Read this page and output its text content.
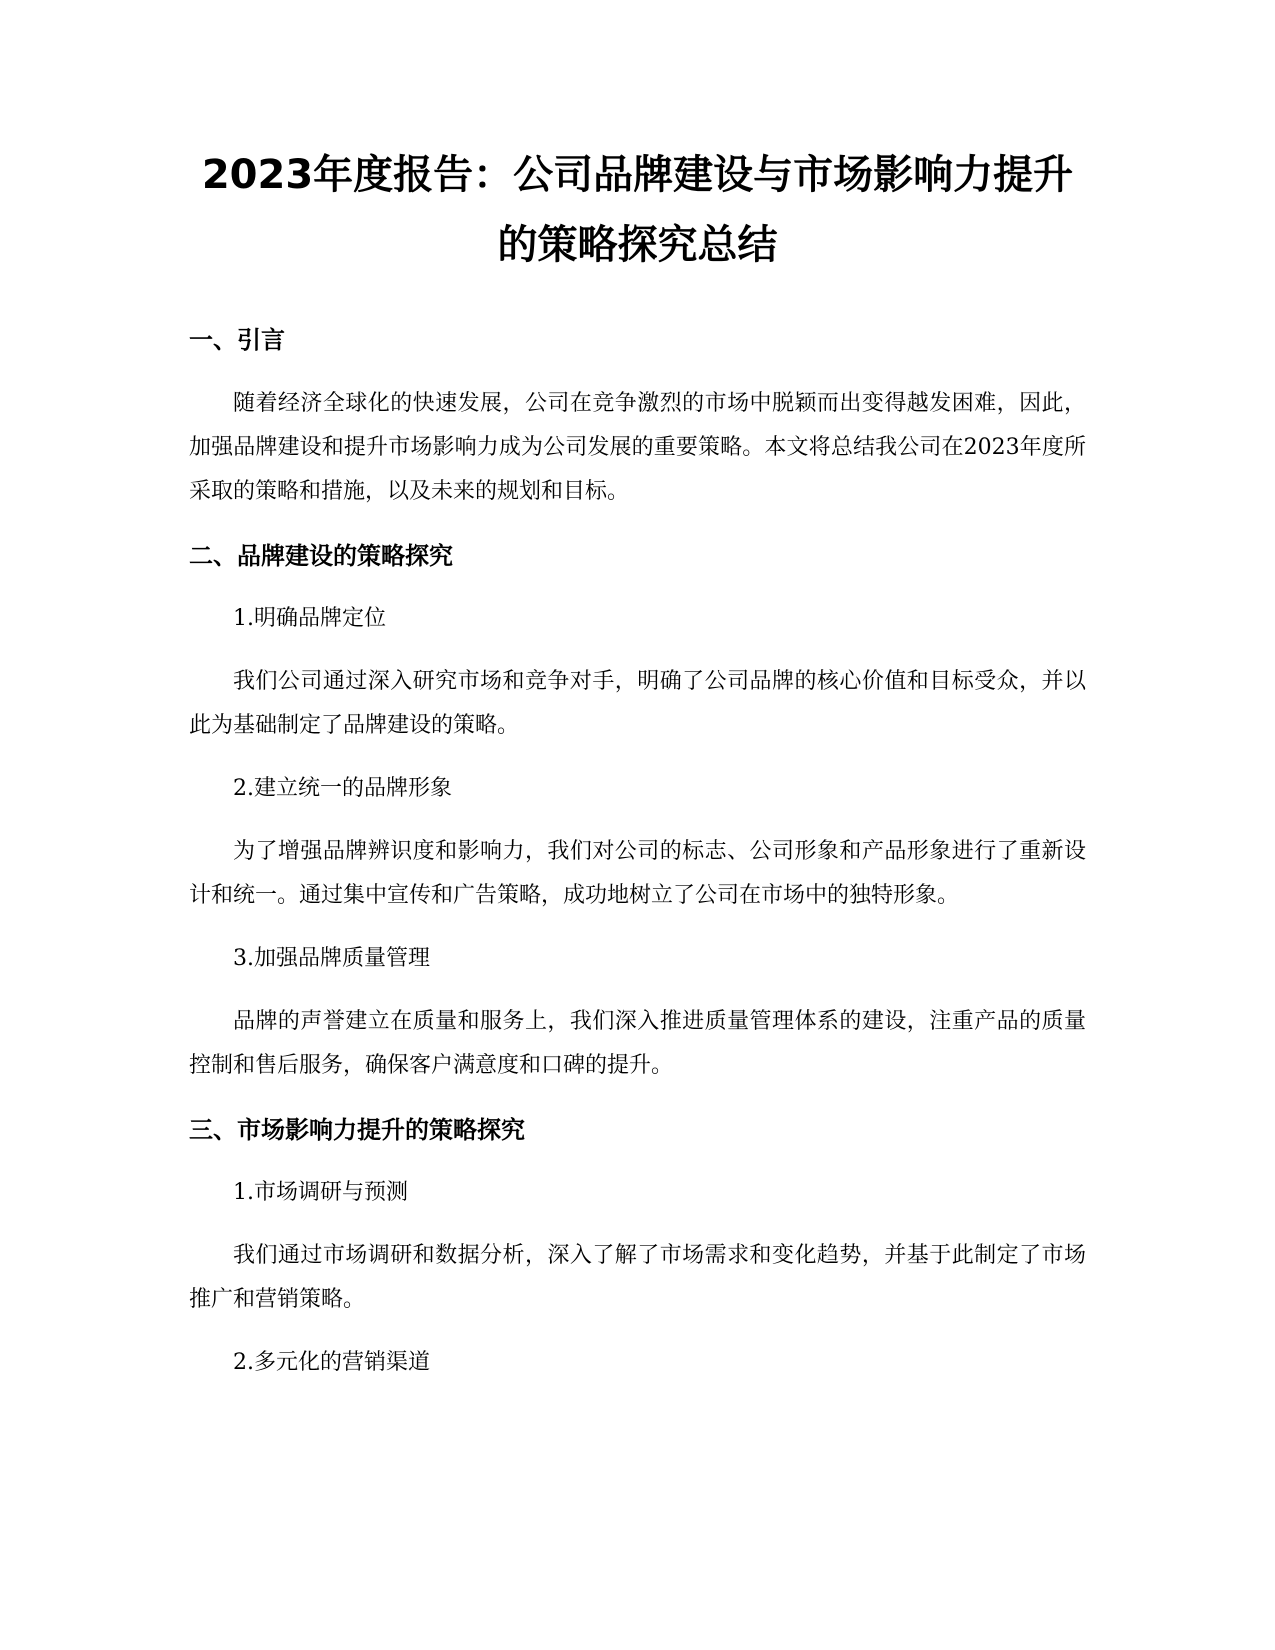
2023年度报告：公司品牌建设与市场影响力提升的策略探究总结
一、引言

随着经济全球化的快速发展，公司在竞争激烈的市场中脱颖而出变得越发困难，因此，加强品牌建设和提升市场影响力成为公司发展的重要策略。本文将总结我公司在2023年度所采取的策略和措施，以及未来的规划和目标。

二、品牌建设的策略探究

1.明确品牌定位

我们公司通过深入研究市场和竞争对手，明确了公司品牌的核心价值和目标受众，并以此为基础制定了品牌建设的策略。

2.建立统一的品牌形象

为了增强品牌辨识度和影响力，我们对公司的标志、公司形象和产品形象进行了重新设计和统一。通过集中宣传和广告策略，成功地树立了公司在市场中的独特形象。

3.加强品牌质量管理

品牌的声誉建立在质量和服务上，我们深入推进质量管理体系的建设，注重产品的质量控制和售后服务，确保客户满意度和口碑的提升。

三、市场影响力提升的策略探究

1.市场调研与预测

我们通过市场调研和数据分析，深入了解了市场需求和变化趋势，并基于此制定了市场推广和营销策略。

2.多元化的营销渠道
